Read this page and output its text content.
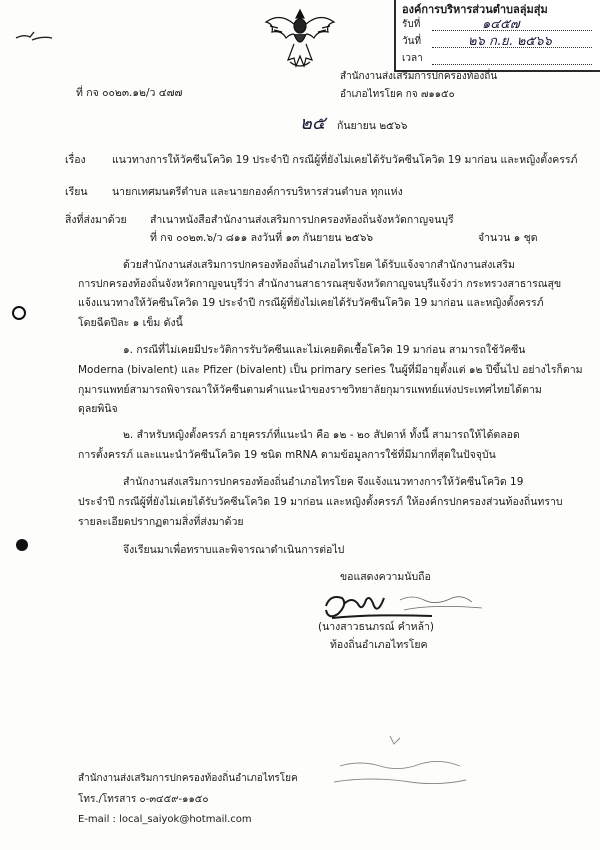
องค์การบริหารส่วนตำบลลุ่มสุ่ม
รับที่	๑๔๕๗
วันที่	๒๖ ก.ย. ๒๕๖๖
เวลา
ที่ กจ ๐๐๒๓.๑๒/ว ๔๗๗
สำนักงานส่งเสริมการปกครองท้องถิ่น
อำเภอไทรโยค กจ ๗๑๑๕๐
๒๕ กันยายน ๒๕๖๖
เรื่อง	แนวทางการให้วัคซีนโควิด 19 ประจำปี กรณีผู้ที่ยังไม่เคยได้รับวัคซีนโควิด 19 มาก่อน และหญิงตั้งครรภ์
เรียน นายกเทศมนตรีตำบล และนายกองค์การบริหารส่วนตำบล ทุกแห่ง
สิ่งที่ส่งมาด้วย สำเนาหนังสือสำนักงานส่งเสริมการปกครองท้องถิ่นจังหวัดกาญจนบุรี
ที่ กจ ๐๐๒๓.๖/ว ๘๑๑ ลงวันที่ ๑๓ กันยายน ๒๕๖๖	จำนวน ๑ ชุด
ด้วยสำนักงานส่งเสริมการปกครองท้องถิ่นอำเภอไทรโยค ได้รับแจ้งจากสำนักงานส่งเสริม
การปกครองท้องถิ่นจังหวัดกาญจนบุรีว่า สำนักงานสาธารณสุขจังหวัดกาญจนบุรีแจ้งว่า กระทรวงสาธารณสุข
แจ้งแนวทางให้วัคซีนโควิด 19 ประจำปี กรณีผู้ที่ยังไม่เคยได้รับวัคซีนโควิด 19 มาก่อน และหญิงตั้งครรภ์
โดยฉีดปีละ ๑ เข็ม ดังนี้
๑. กรณีที่ไม่เคยมีประวัติการรับวัคซีนและไม่เคยติดเชื้อโควิด 19 มาก่อน สามารถใช้วัคซีน
Moderna (bivalent) และ Pfizer (bivalent) เป็น primary series ในผู้ที่มีอายุตั้งแต่ ๑๒ ปีขึ้นไป อย่างไรก็ตาม
กุมารแพทย์สามารถพิจารณาให้วัคซีนตามคำแนะนำของราชวิทยาลัยกุมารแพทย์แห่งประเทศไทยได้ตาม
ดุลยพินิจ
๒. สำหรับหญิงตั้งครรภ์ อายุครรภ์ที่แนะนำ คือ ๑๒ - ๒๐ สัปดาห์ ทั้งนี้ สามารถให้ได้ตลอด
การตั้งครรภ์ และแนะนำวัคซีนโควิด 19 ชนิด mRNA ตามข้อมูลการใช้ที่มีมากที่สุดในปัจจุบัน
สำนักงานส่งเสริมการปกครองท้องถิ่นอำเภอไทรโยค จึงแจ้งแนวทางการให้วัคซีนโควิด 19
ประจำปี กรณีผู้ที่ยังไม่เคยได้รับวัคซีนโควิด 19 มาก่อน และหญิงตั้งครรภ์ ให้องค์กรปกครองส่วนท้องถิ่นทราบ
รายละเอียดปรากฏตามสิ่งที่ส่งมาด้วย
จึงเรียนมาเพื่อทราบและพิจารณาดำเนินการต่อไป
ขอแสดงความนับถือ
(นางสาวธนภรณ์ คำหล้า)
ท้องถิ่นอำเภอไทรโยค
สำนักงานส่งเสริมการปกครองท้องถิ่นอำเภอไทรโยค
โทร./โทรสาร ๐-๓๔๕๙-๑๑๕๐
E-mail : local_saiyok@hotmail.com
